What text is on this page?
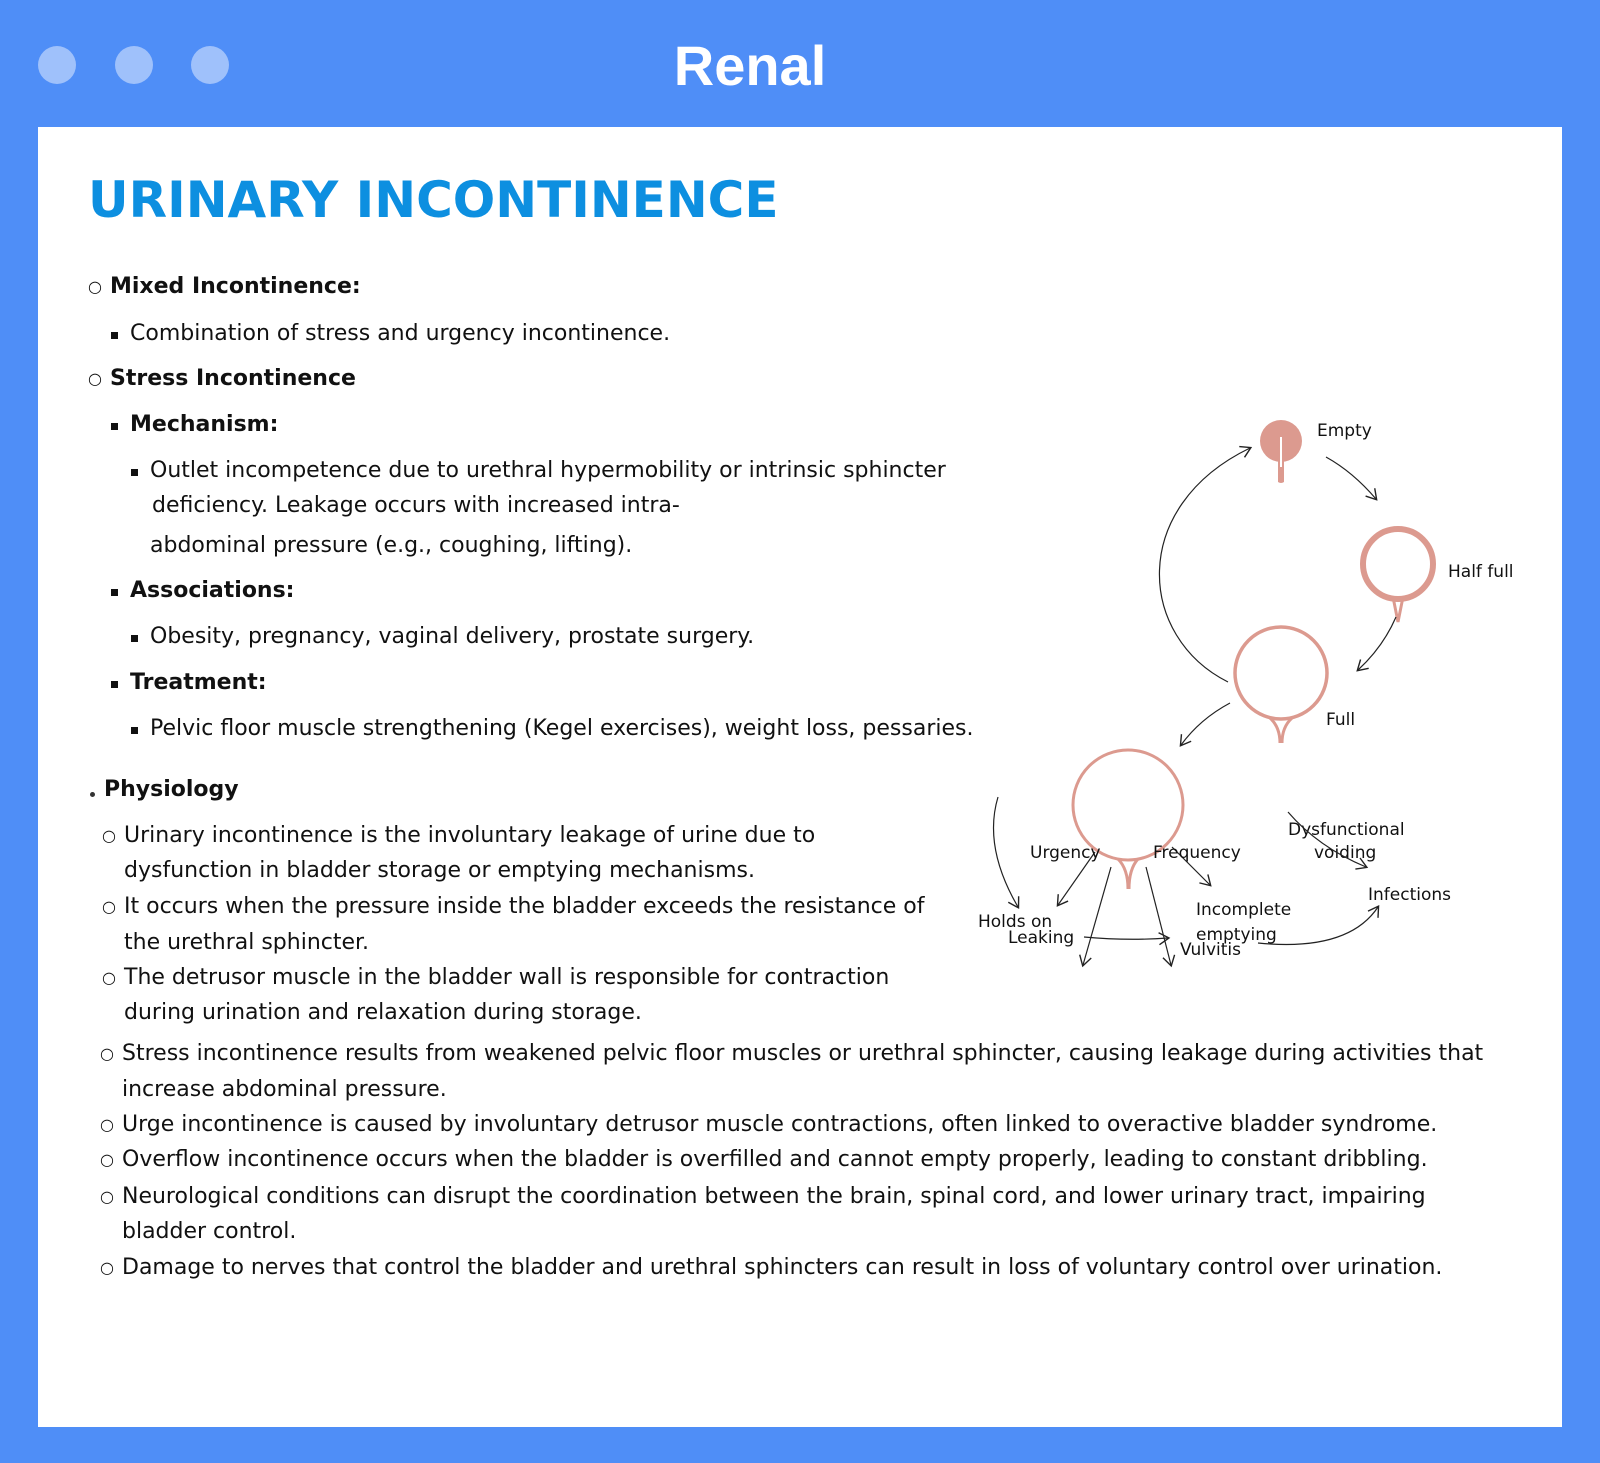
Renal
URINARY INCONTINENCE
○ Mixed Incontinence:
Combination of stress and urgency incontinence.
○ Stress Incontinence
Mechanism:
Outlet incompetence due to urethral hypermobility or intrinsic sphincter
deficiency. Leakage occurs with increased intra-
abdominal pressure (e.g., coughing, lifting).
Associations:
Obesity, pregnancy, vaginal delivery, prostate surgery.
Treatment:
Pelvic floor muscle strengthening (Kegel exercises), weight loss, pessaries.
Physiology
○ Urinary incontinence is the involuntary leakage of urine due to
dysfunction in bladder storage or emptying mechanisms.
○ It occurs when the pressure inside the bladder exceeds the resistance of
the urethral sphincter.
○ The detrusor muscle in the bladder wall is responsible for contraction
during urination and relaxation during storage.
○ Stress incontinence results from weakened pelvic floor muscles or urethral sphincter, causing leakage during activities that
increase abdominal pressure.
○ Urge incontinence is caused by involuntary detrusor muscle contractions, often linked to overactive bladder syndrome.
○ Overflow incontinence occurs when the bladder is overfilled and cannot empty properly, leading to constant dribbling.
○ Neurological conditions can disrupt the coordination between the brain, spinal cord, and lower urinary tract, impairing
bladder control.
○ Damage to nerves that control the bladder and urethral sphincters can result in loss of voluntary control over urination.
Empty
Half full
Full
Dysfunctional
voiding
Holds on
Incomplete
emptying
Urgency	Frequency
Infections
Leaking
Vulvitis
